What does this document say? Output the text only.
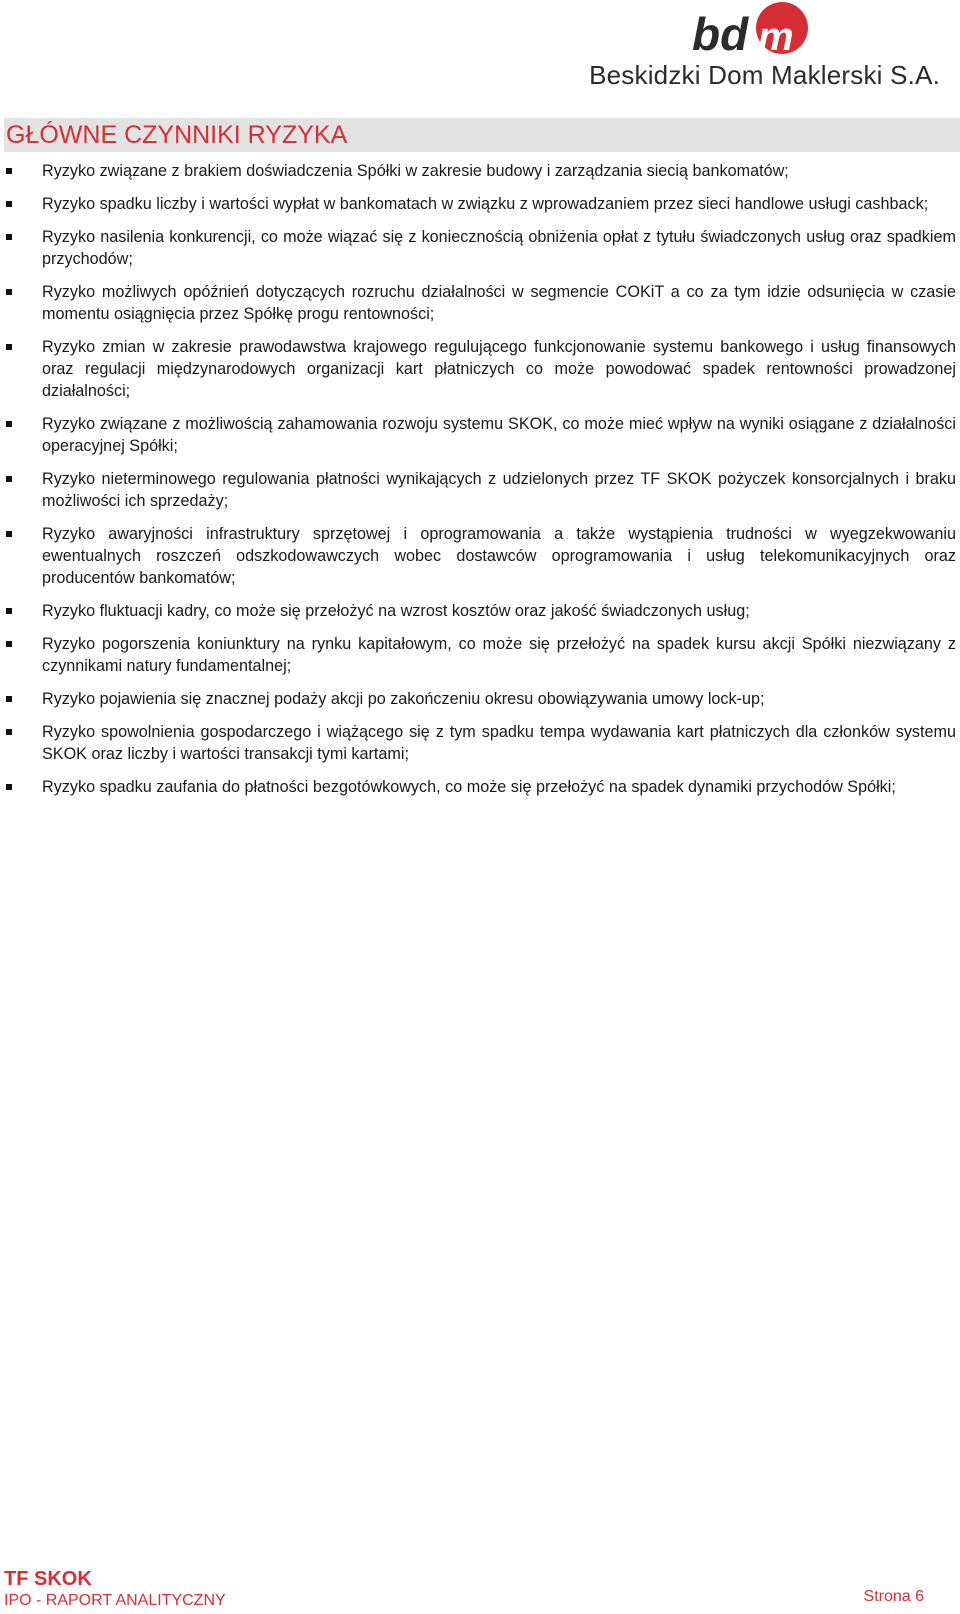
bd m
Beskidzki Dom Maklerski S.A.
GŁÓWNE CZYNNIKI RYZYKA
Ryzyko związane z brakiem doświadczenia Spółki w zakresie budowy i zarządzania siecią bankomatów;
Ryzyko spadku liczby i wartości wypłat w bankomatach w związku z wprowadzaniem przez sieci handlowe usługi cashback;
Ryzyko nasilenia konkurencji, co może wiązać się z koniecznością obniżenia opłat z tytułu świadczonych usług oraz spadkiem przychodów;
Ryzyko możliwych opóźnień dotyczących rozruchu działalności w segmencie COKiT a co za tym idzie odsunięcia w czasie momentu osiągnięcia przez Spółkę progu rentowności;
Ryzyko zmian w zakresie prawodawstwa krajowego regulującego funkcjonowanie systemu bankowego i usług finansowych oraz regulacji międzynarodowych organizacji kart płatniczych co może powodować spadek rentowności prowadzonej działalności;
Ryzyko związane z możliwością zahamowania rozwoju systemu SKOK, co może mieć wpływ na wyniki osiągane z działalności operacyjnej Spółki;
Ryzyko nieterminowego regulowania płatności wynikających z udzielonych przez TF SKOK pożyczek konsorcjalnych i braku możliwości ich sprzedaży;
Ryzyko awaryjności infrastruktury sprzętowej i oprogramowania a także wystąpienia trudności w wyegzekwowaniu ewentualnych roszczeń odszkodowawczych wobec dostawców oprogramowania i usług telekomunikacyjnych oraz producentów bankomatów;
Ryzyko fluktuacji kadry, co może się przełożyć na wzrost kosztów oraz jakość świadczonych usług;
Ryzyko pogorszenia koniunktury na rynku kapitałowym, co może się przełożyć na spadek kursu akcji Spółki niezwiązany z czynnikami natury fundamentalnej;
Ryzyko pojawienia się znacznej podaży akcji po zakończeniu okresu obowiązywania umowy lock-up;
Ryzyko spowolnienia gospodarczego i wiążącego się z tym spadku tempa wydawania kart płatniczych dla członków systemu SKOK oraz liczby i wartości transakcji tymi kartami;
Ryzyko spadku zaufania do płatności bezgotówkowych, co może się przełożyć na spadek dynamiki przychodów Spółki;
TF SKOK
IPO - RAPORT ANALITYCZNY	Strona 6
